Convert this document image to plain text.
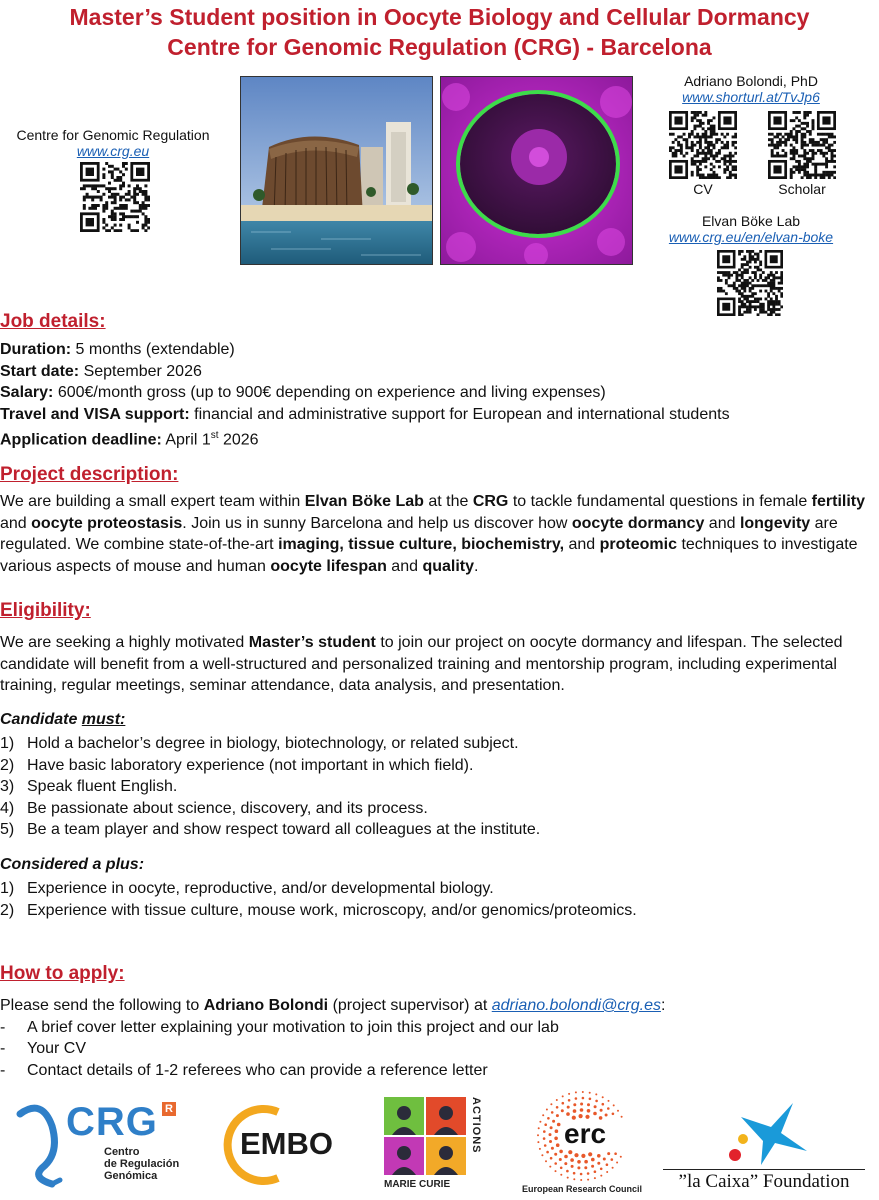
Master’s Student position in Oocyte Biology and Cellular Dormancy
Centre for Genomic Regulation (CRG) - Barcelona
Centre for Genomic Regulation
www.crg.eu
Adriano Bolondi, PhD
www.shorturl.at/TvJp6
CV	Scholar
Elvan Böke Lab
www.crg.eu/en/elvan-boke
Job details:

Duration: 5 months (extendable)

Start date: September 2026

Salary: 600€/month gross (up to 900€ depending on experience and living expenses)

Travel and VISA support: financial and administrative support for European and international students

Application deadline: April 1st 2026

Project description:

We are building a small expert team within Elvan Böke Lab at the CRG to tackle fundamental questions in female fertility and oocyte proteostasis. Join us in sunny Barcelona and help us discover how oocyte dormancy and longevity are regulated. We combine state-of-the-art imaging, tissue culture, biochemistry, and proteomic techniques to investigate various aspects of mouse and human oocyte lifespan and quality.

Eligibility:

We are seeking a highly motivated Master’s student to join our project on oocyte dormancy and lifespan. The selected candidate will benefit from a well-structured and personalized training and mentorship program, including experimental training, regular meetings, seminar attendance, data analysis, and presentation.

Candidate must:
1) Hold a bachelor’s degree in biology, biotechnology, or related subject.
2) Have basic laboratory experience (not important in which field).
3) Speak fluent English.
4) Be passionate about science, discovery, and its process.
5) Be a team player and show respect toward all colleagues at the institute.
Considered a plus:
1) Experience in oocyte, reproductive, and/or developmental biology.
2) Experience with tissue culture, mouse work, microscopy, and/or genomics/proteomics.
How to apply:

Please send the following to Adriano Bolondi (project supervisor) at adriano.bolondi@crg.es:

- A brief cover letter explaining your motivation to join this project and our lab
- Your CV
- Contact details of 1-2 referees who can provide a reference letter
CRG R
Centro
de Regulación
Genómica
EMBO	ACTIONS
MARIE CURIE
erc
European Research Council	”la Caixa” Foundation
